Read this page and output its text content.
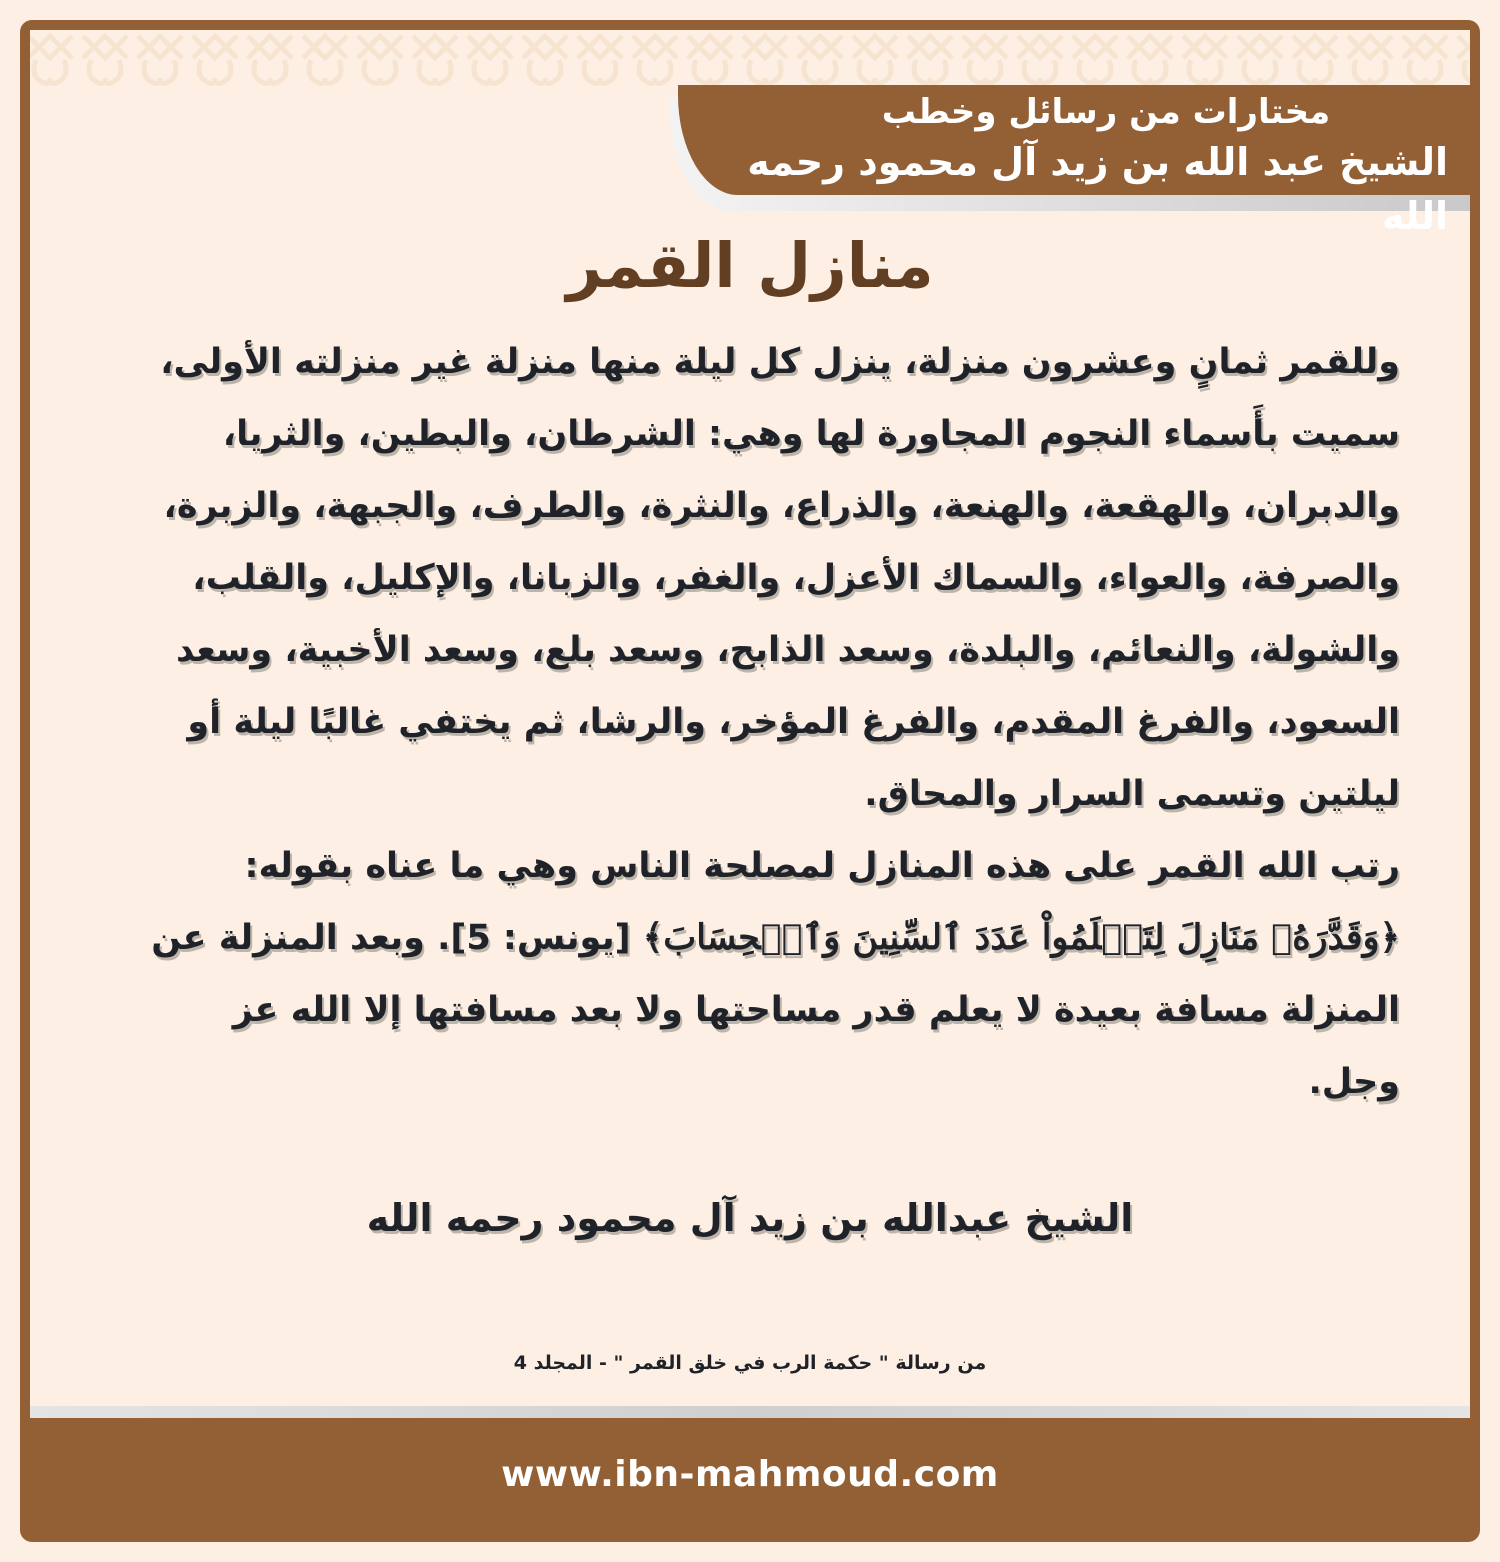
مختارات من رسائل وخطب
الشيخ عبد الله بن زيد آل محمود رحمه الله
منازل القمر

وللقمر ثمانٍ وعشرون منزلة، ينزل كل ليلة منها منزلة غير منزلته الأولى، سميت بأَسماء النجوم المجاورة لها وهي: الشرطان، والبطين، والثريا، والدبران، والهقعة، والهنعة، والذراع، والنثرة، والطرف، والجبهة، والزبرة، والصرفة، والعواء، والسماك الأعزل، والغفر، والزبانا، والإكليل، والقلب، والشولة، والنعائم، والبلدة، وسعد الذابح، وسعد بلع، وسعد الأخبية، وسعد السعود، والفرغ المقدم، والفرغ المؤخر، والرشا، ثم يختفي غالبًا ليلة أو ليلتين وتسمى السرار والمحاق.

رتب الله القمر على هذه المنازل لمصلحة الناس وهي ما عناه بقوله: ﴿وَقَدَّرَهُۥ مَنَازِلَ لِتَعۡلَمُواْ عَدَدَ ٱلسِّنِينَ وَٱلۡحِسَابَ﴾ [يونس: 5]. وبعد المنزلة عن المنزلة مسافة بعيدة لا يعلم قدر مساحتها ولا بعد مسافتها إلا الله عز وجل.

الشيخ عبدالله بن زيد آل محمود رحمه الله
من رسالة " حكمة الرب في خلق القمر " - المجلد 4
www.ibn-mahmoud.com
